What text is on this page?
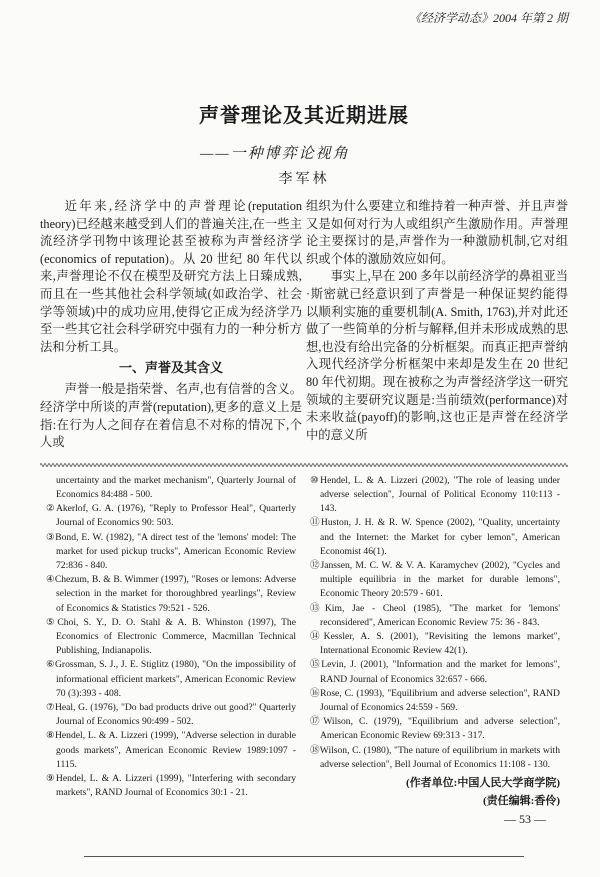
《经济学动态》2004 年第 2 期
声誉理论及其近期进展
——一种博弈论视角
李军林

近年来,经济学中的声誉理论(reputation theory)已经越来越受到人们的普遍关注,在一些主流经济学刊物中该理论甚至被称为声誉经济学(economics of reputation)。从 20 世纪 80 年代以来,声誉理论不仅在模型及研究方法上日臻成熟,而且在一些其他社会科学领域(如政治学、社会学等领域)中的成功应用,使得它正成为经济学乃至一些其它社会科学研究中强有力的一种分析方法和分析工具。

一、声誉及其含义

声誉一般是指荣誉、名声,也有信誉的含义。经济学中所谈的声誉(reputation),更多的意义上是指:在行为人之间存在着信息不对称的情况下,个人或

组织为什么要建立和维持着一种声誉、并且声誉又是如何对行为人或组织产生激励作用。声誉理论主要探讨的是,声誉作为一种激励机制,它对组织或个体的激励效应如何。

事实上,早在 200 多年以前经济学的鼻祖亚当·斯密就已经意识到了声誉是一种保证契约能得以顺利实施的重要机制(A. Smith, 1763),并对此还做了一些简单的分析与解释,但并未形成成熟的思想,也没有给出完备的分析框架。而真正把声誉纳入现代经济学分析框架中来却是发生在 20 世纪 80 年代初期。现在被称之为声誉经济学这一研究领域的主要研究议题是:当前绩效(performance)对未来收益(payoff)的影响,这也正是声誉在经济学中的意义所

uncertainty and the market mechanism", Quarterly Journal of Economics 84:488 - 500.
②Akerlof, G. A. (1976), "Reply to Professor Heal", Quarterly Journal of Economics 90: 503.
③Bond, E. W. (1982), "A direct test of the 'lemons' model: The market for used pickup trucks", American Economic Review 72:836 - 840.
④Chezum, B. & B. Wimmer (1997), "Roses or lemons: Adverse selection in the market for thoroughbred yearlings", Review of Economics & Statistics 79:521 - 526.
⑤Choi, S. Y., D. O. Stahl & A. B. Whinston (1997), The Economics of Electronic Commerce, Macmillan Technical Publishing, Indianapolis.
⑥Grossman, S. J., J. E. Stiglitz (1980), "On the impossibility of informational efficient markets", American Economic Review 70 (3):393 - 408.
⑦Heal, G. (1976), "Do bad products drive out good?" Quarterly Journal of Economics 90:499 - 502.
⑧Hendel, L. & A. Lizzeri (1999), "Adverse selection in durable goods markets", American Economic Review 1989:1097 - 1115.
⑨Hendel, L. & A. Lizzeri (1999), "Interfering with secondary markets", RAND Journal of Economics 30:1 - 21.
⑩Hendel, L. & A. Lizzeri (2002), "The role of leasing under adverse selection", Journal of Political Economy 110:113 - 143.
⑪Huston, J. H. & R. W. Spence (2002), "Quality, uncertainty and the Internet: the Market for cyber lemon", American Economist 46(1).
⑫Janssen, M. C. W. & V. A. Karamychev (2002), "Cycles and multiple equilibria in the market for durable lemons", Economic Theory 20:579 - 601.
⑬Kim, Jae - Cheol (1985), "The market for 'lemons' reconsidered", American Economic Review 75: 36 - 843.
⑭Kessler, A. S. (2001), "Revisiting the lemons market", International Economic Review 42(1).
⑮Levin, J. (2001), "Information and the market for lemons", RAND Journal of Economics 32:657 - 666.
⑯Rose, C. (1993), "Equilibrium and adverse selection", RAND Journal of Economics 24:559 - 569.
⑰Wilson, C. (1979), "Equilibrium and adverse selection", American Economic Review 69:313 - 317.
⑱Wilson, C. (1980), "The nature of equilibrium in markets with adverse selection", Bell Journal of Economics 11:108 - 130.
(作者单位:中国人民大学商学院)
(责任编辑:香伶)
— 53 —
